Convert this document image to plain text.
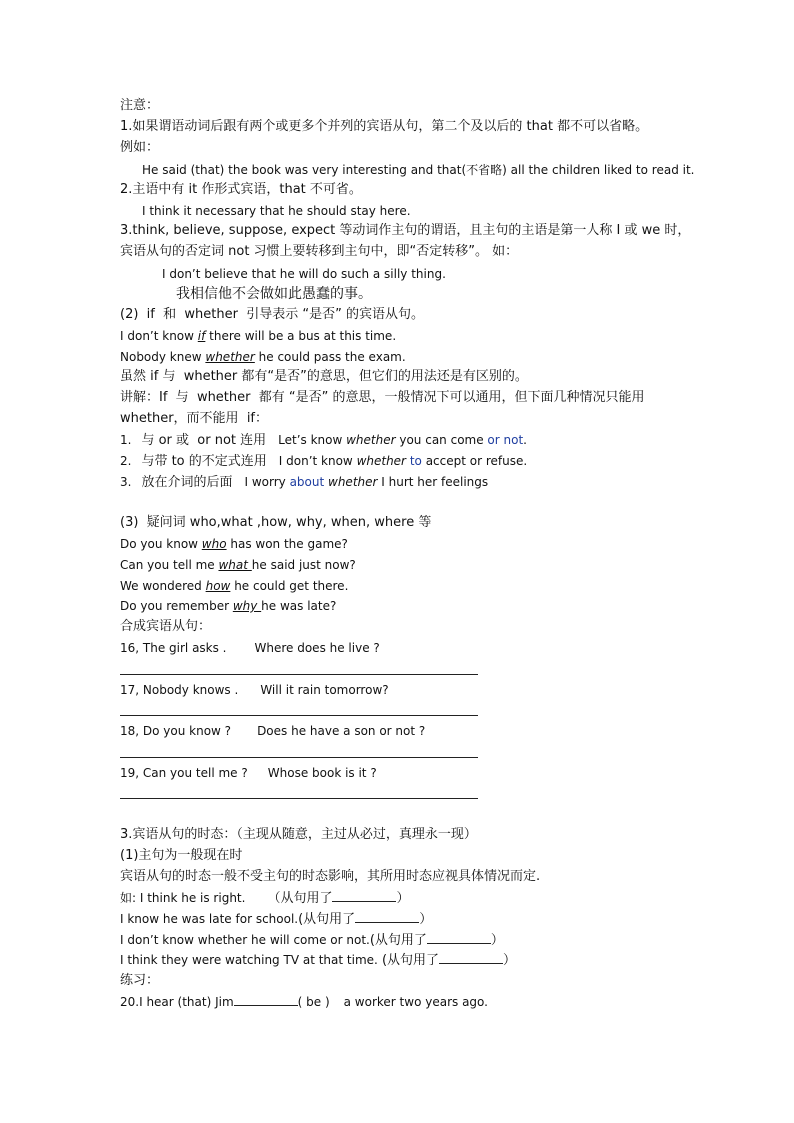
注意：
1.如果谓语动词后跟有两个或更多个并列的宾语从句，第二个及以后的 that 都不可以省略。
例如：
He said (that) the book was very interesting and that(不省略) all the children liked to read it.
2.主语中有 it 作形式宾语，that 不可省。
I think it necessary that he should stay here.
3.think, believe, suppose, expect 等动词作主句的谓语，且主句的主语是第一人称 I 或 we 时，
宾语从句的否定词 not 习惯上要转移到主句中，即“否定转移”。 如：
I don’t believe that he will do such a silly thing.
我相信他不会做如此愚蠢的事。
(2)  if  和  whether  引导表示 “是否” 的宾语从句。
I don’t know if there will be a bus at this time.
Nobody knew whether he could pass the exam.
虽然 if 与  whether 都有“是否”的意思，但它们的用法还是有区别的。
讲解：If  与  whether  都有 “是否” 的意思，一般情况下可以通用，但下面几种情况只能用
whether，而不能用  if：
1. 与 or 或  or not 连用 Let’s know whether you can come or not.
2. 与带 to 的不定式连用 I don’t know whether to accept or refuse.
3. 放在介词的后面 I worry about whether I hurt her feelings
(3)  疑问词 who,what ,how, why, when, where 等
Do you know who has won the game?
Can you tell me what he said just now?
We wondered how he could get there.
Do you remember why he was late?
合成宾语从句：
16, The girl asks . Where does he live ?
17, Nobody knows . Will it rain tomorrow?
18, Do you know ? Does he have a son or not ?
19, Can you tell me ? Whose book is it ?
3.宾语从句的时态：（主现从随意，主过从必过，真理永一现）
(1)主句为一般现在时
宾语从句的时态一般不受主句的时态影响，其所用时态应视具体情况而定.
如: I think he is right. （从句用了	）
I know he was late for school.(从句用了	）
I don’t know whether he will come or not.(从句用了	）
I think they were watching TV at that time. (从句用了	）
练习：
20.I hear (that) Jim	( be ) a worker two years ago.
